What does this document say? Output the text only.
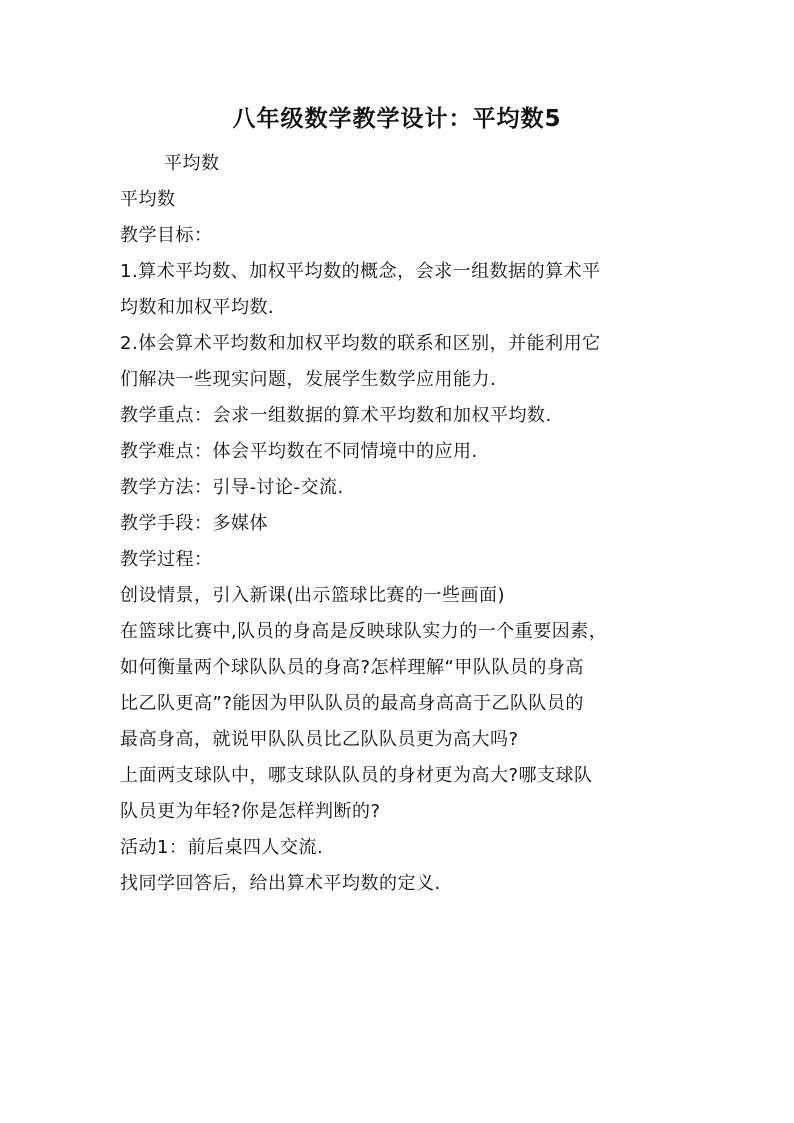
八年级数学教学设计：平均数5
平均数
平均数
教学目标：
1.算术平均数、加权平均数的概念，会求一组数据的算术平
均数和加权平均数.
2.体会算术平均数和加权平均数的联系和区别，并能利用它
们解决一些现实问题，发展学生数学应用能力.
教学重点：会求一组数据的算术平均数和加权平均数.
教学难点：体会平均数在不同情境中的应用.
教学方法：引导-讨论-交流.
教学手段：多媒体
教学过程：
创设情景，引入新课(出示篮球比赛的一些画面)
在篮球比赛中,队员的身高是反映球队实力的一个重要因素，
如何衡量两个球队队员的身高?怎样理解“甲队队员的身高
比乙队更高”?能因为甲队队员的最高身高高于乙队队员的
最高身高，就说甲队队员比乙队队员更为高大吗?
上面两支球队中，哪支球队队员的身材更为高大?哪支球队
队员更为年轻?你是怎样判断的?
活动1：前后桌四人交流.
找同学回答后，给出算术平均数的定义.
